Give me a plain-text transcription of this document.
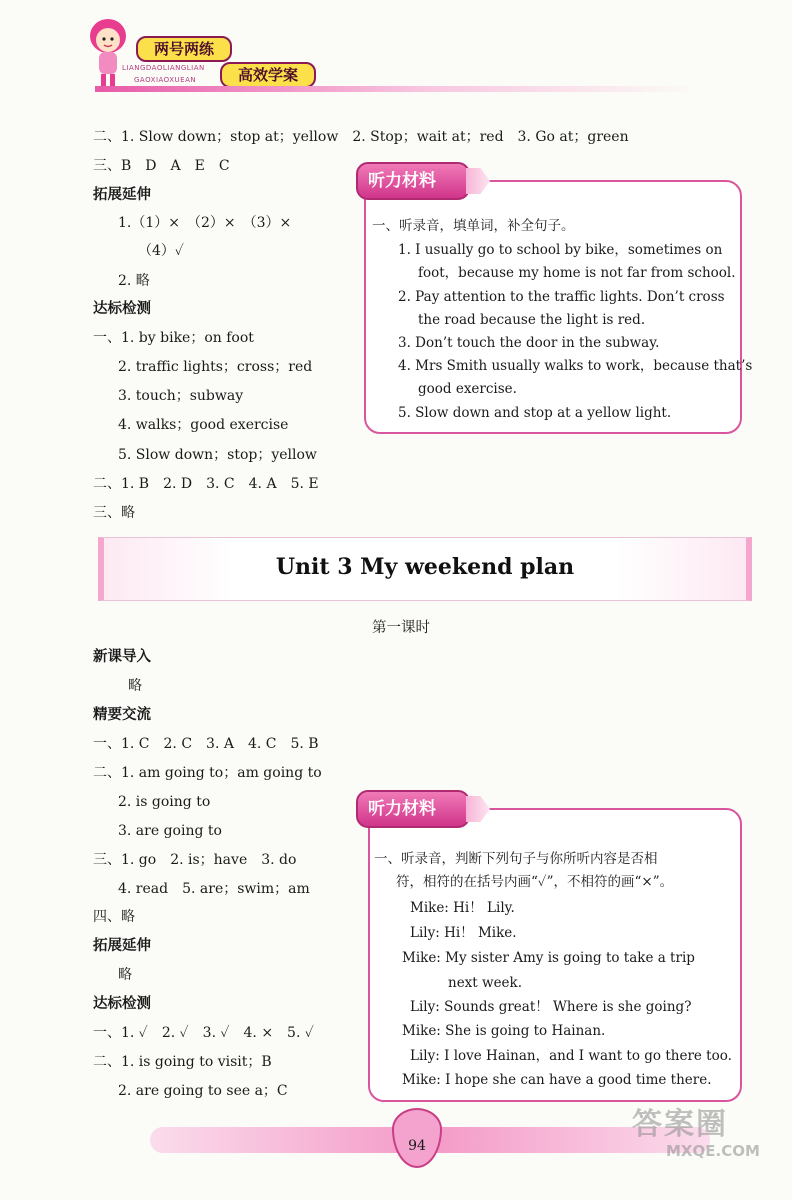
两号两练
高效学案
LIANGDAOLIANGLIAN
GAOXIAOXUEAN
二、1. Slow down；stop at；yellow　2. Stop；wait at；red　3. Go at；green
三、B　D　A　E　C
拓展延伸
1.（1）×　（2）×　（3）×
（4）✓
2. 略
达标检测
一、1. by bike；on foot
2. traffic lights；cross；red
3. touch；subway
4. walks；good exercise
5. Slow down；stop；yellow
二、1. B　2. D　3. C　4. A　5. E
三、略
一、听录音，填单词，补全句子。
1. I usually go to school by bike，sometimes on
foot，because my home is not far from school.
2. Pay attention to the traffic lights. Don’t cross
the road because the light is red.
3. Don’t touch the door in the subway.
4. Mrs Smith usually walks to work，because that’s
good exercise.
5. Slow down and stop at a yellow light.
听力材料
Unit 3 My weekend plan
第一课时
新课导入
略
精要交流
一、1. C　2. C　3. A　4. C　5. B
二、1. am going to；am going to
2. is going to
3. are going to
三、1. go　2. is；have　3. do
4. read　5. are；swim；am
四、略
拓展延伸
略
达标检测
一、1. ✓　2. ✓　3. ✓　4. ×　5. ✓
二、1. is going to visit；B
2. are going to see a；C
一、听录音，判断下列句子与你所听内容是否相
符，相符的在括号内画“✓”，不相符的画“×”。
Mike: Hi！ Lily.
Lily: Hi！ Mike.
Mike: My sister Amy is going to take a trip
next week.
Lily: Sounds great！ Where is she going?
Mike: She is going to Hainan.
Lily: I love Hainan，and I want to go there too.
Mike: I hope she can have a good time there.
听力材料
94
答案圈
MXQE.COM
